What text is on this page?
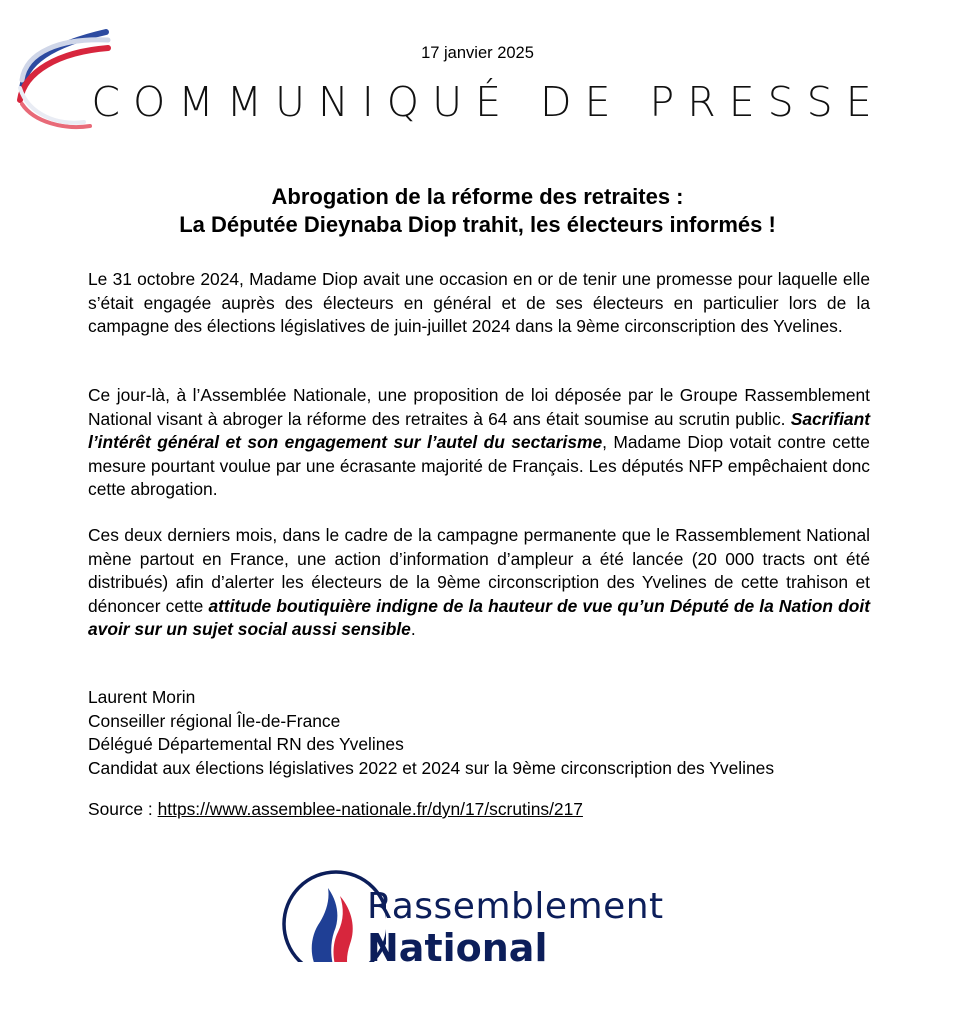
17 janvier 2025
COMMUNIQUÉ DE PRESSE
Abrogation de la réforme des retraites :
La Députée Dieynaba Diop trahit, les électeurs informés !
Le 31 octobre 2024, Madame Diop avait une occasion en or de tenir une promesse pour laquelle elle s’était engagée auprès des électeurs en général et de ses électeurs en particulier lors de la campagne des élections législatives de juin-juillet 2024 dans la 9ème circonscription des Yvelines.
Ce jour-là, à l’Assemblée Nationale, une proposition de loi déposée par le Groupe Rassemblement National visant à abroger la réforme des retraites à 64 ans était soumise au scrutin public. Sacrifiant l’intérêt général et son engagement sur l’autel du sectarisme, Madame Diop votait contre cette mesure pourtant voulue par une écrasante majorité de Français. Les députés NFP empêchaient donc cette abrogation.
Ces deux derniers mois, dans le cadre de la campagne permanente que le Rassemblement National mène partout en France, une action d’information d’ampleur a été lancée (20 000 tracts ont été distribués) afin d’alerter les électeurs de la 9ème circonscription des Yvelines de cette trahison et dénoncer cette attitude boutiquière indigne de la hauteur de vue qu’un Député de la Nation doit avoir sur un sujet social aussi sensible.
Laurent Morin
Conseiller régional Île-de-France
Délégué Départemental RN des Yvelines
Candidat aux élections législatives 2022 et 2024 sur la 9ème circonscription des Yvelines
Source : https://www.assemblee-nationale.fr/dyn/17/scrutins/217
Rassemblement
National
